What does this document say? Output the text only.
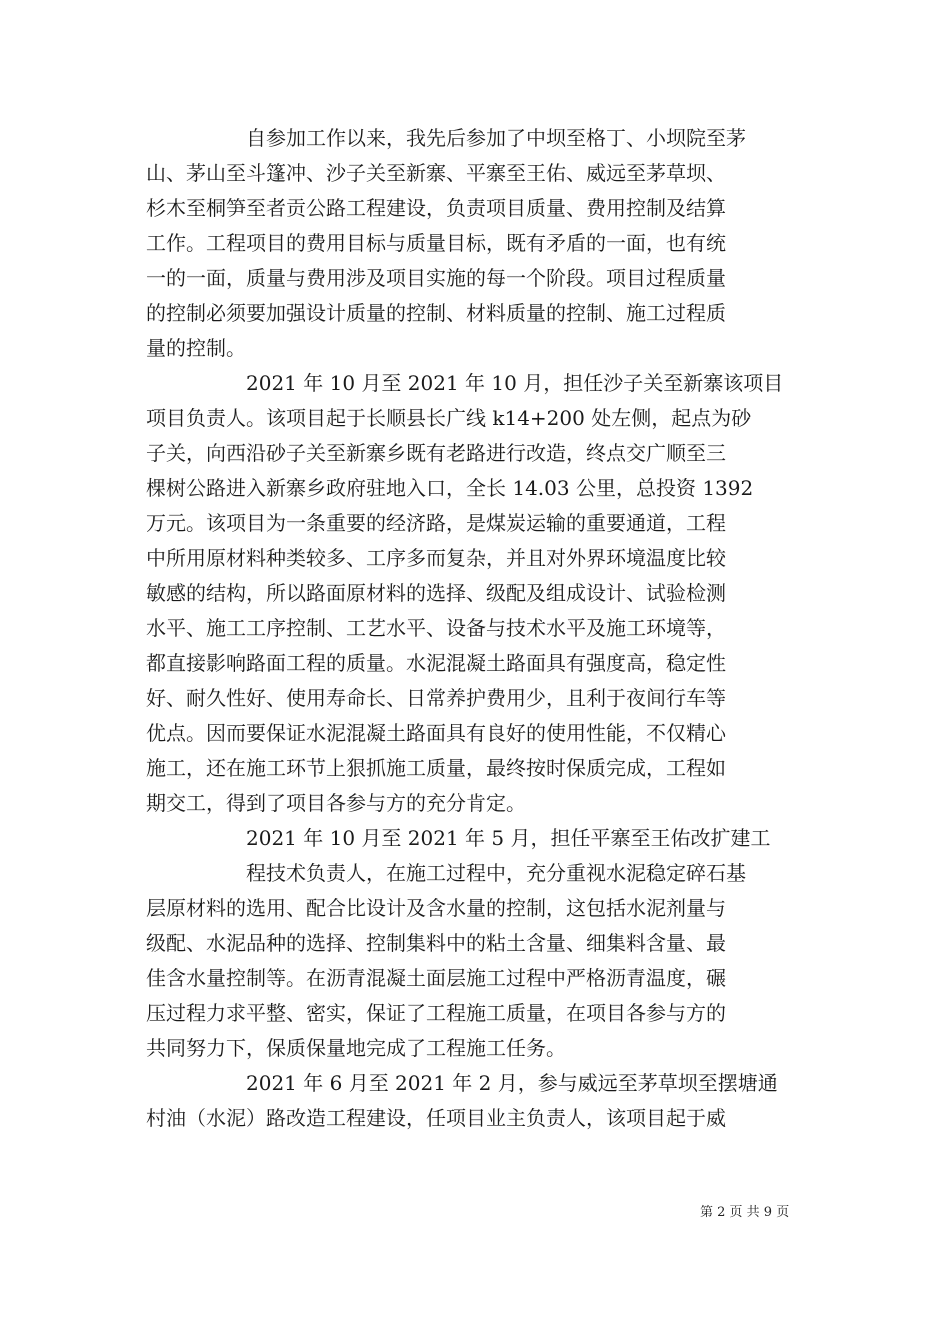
自参加工作以来，我先后参加了中坝至格丁、小坝院至茅
山、茅山至斗篷冲、沙子关至新寨、平寨至王佑、威远至茅草坝、
杉木至桐笋至者贡公路工程建设，负责项目质量、费用控制及结算
工作。工程项目的费用目标与质量目标，既有矛盾的一面，也有统
一的一面，质量与费用涉及项目实施的每一个阶段。项目过程质量
的控制必须要加强设计质量的控制、材料质量的控制、施工过程质
量的控制。
2021 年 10 月至 2021 年 10 月，担任沙子关至新寨该项目
项目负责人。该项目起于长顺县长广线 k14+200 处左侧，起点为砂
子关，向西沿砂子关至新寨乡既有老路进行改造，终点交广顺至三
棵树公路进入新寨乡政府驻地入口，全长 14.03 公里，总投资 1392
万元。该项目为一条重要的经济路，是煤炭运输的重要通道，工程
中所用原材料种类较多、工序多而复杂，并且对外界环境温度比较
敏感的结构，所以路面原材料的选择、级配及组成设计、试验检测
水平、施工工序控制、工艺水平、设备与技术水平及施工环境等，
都直接影响路面工程的质量。水泥混凝土路面具有强度高，稳定性
好、耐久性好、使用寿命长、日常养护费用少，且利于夜间行车等
优点。因而要保证水泥混凝土路面具有良好的使用性能，不仅精心
施工，还在施工环节上狠抓施工质量，最终按时保质完成，工程如
期交工，得到了项目各参与方的充分肯定。
2021 年 10 月至 2021 年 5 月，担任平寨至王佑改扩建工
程技术负责人，在施工过程中，充分重视水泥稳定碎石基
层原材料的选用、配合比设计及含水量的控制，这包括水泥剂量与
级配、水泥品种的选择、控制集料中的粘土含量、细集料含量、最
佳含水量控制等。在沥青混凝土面层施工过程中严格沥青温度，碾
压过程力求平整、密实，保证了工程施工质量，在项目各参与方的
共同努力下，保质保量地完成了工程施工任务。
2021 年 6 月至 2021 年 2 月，参与威远至茅草坝至摆塘通
村油（水泥）路改造工程建设，任项目业主负责人，该项目起于威
第 2 页 共 9 页
